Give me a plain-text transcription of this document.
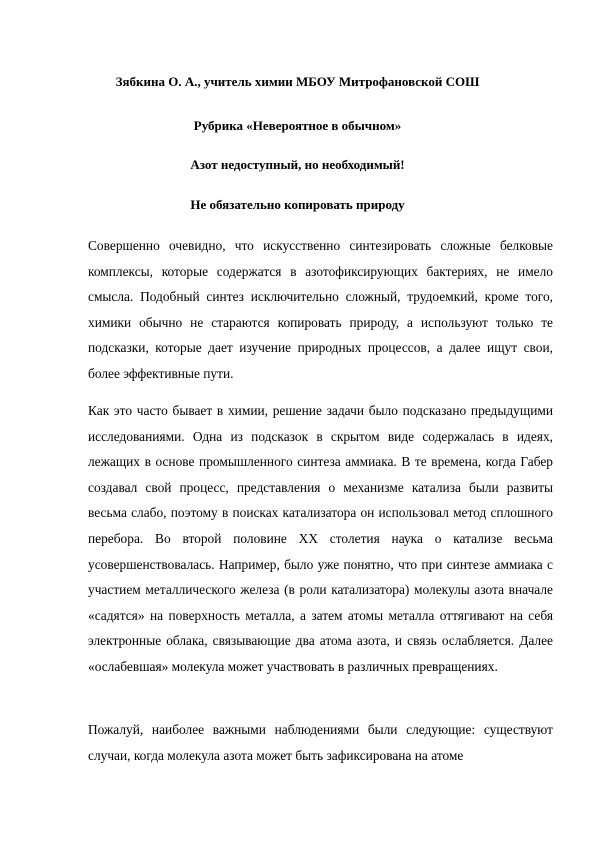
Зябкина О. А., учитель химии МБОУ Митрофановской СОШ
Рубрика «Невероятное в обычном»
Азот недоступный, но необходимый!
Не обязательно копировать природу
Совершенно очевидно, что искусственно синтезировать сложные белковые комплексы, которые содержатся в азотофиксирующих бактериях, не имело смысла. Подобный синтез исключительно сложный, трудоемкий, кроме того, химики обычно не стараются копировать природу, а используют только те подсказки, которые дает изучение природных процессов, а далее ищут свои, более эффективные пути.
Как это часто бывает в химии, решение задачи было подсказано предыдущими исследованиями. Одна из подсказок в скрытом виде содержалась в идеях, лежащих в основе промышленного синтеза аммиака. В те времена, когда Габер создавал свой процесс, представления о механизме катализа были развиты весьма слабо, поэтому в поисках катализатора он использовал метод сплошного перебора. Во второй половине XX столетия наука о катализе весьма усовершенствовалась. Например, было уже понятно, что при синтезе аммиака с участием металлического железа (в роли катализатора) молекулы азота вначале «садятся» на поверхность металла, а затем атомы металла оттягивают на себя электронные облака, связывающие два атома азота, и связь ослабляется. Далее «ослабевшая» молекула может участвовать в различных превращениях.
Пожалуй, наиболее важными наблюдениями были следующие: существуют случаи, когда молекула азота может быть зафиксирована на атоме
